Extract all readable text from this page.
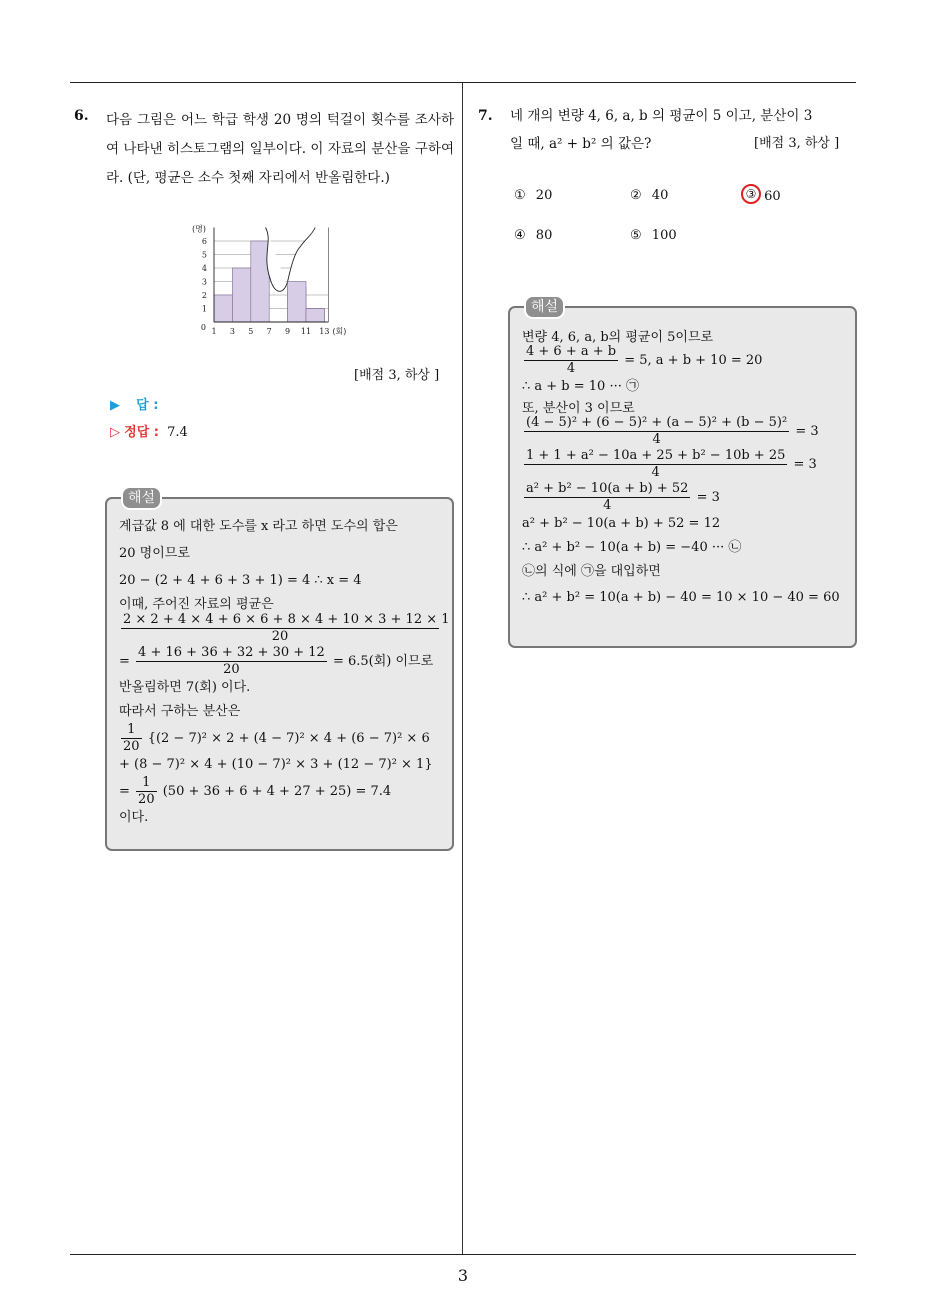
6. 다음 그림은 어느 학급 학생 20 명의 턱걸이 횟수를 조사하여 나타낸 히스토그램의 일부이다. 이 자료의 분산을 구하여라. (단, 평균은 소수 첫째 자리에서 반올림한다.)
1
2
3
4
5
6
1 3 5 7 9 11 13
0
(명)
(회)
[배점 3, 하상 ]
▶ 답 :
▷ 정답 : 7.4
해설
계급값 8 에 대한 도수를 x 라고 하면 도수의 합은
20 명이므로
20 − (2 + 4 + 6 + 3 + 1) = 4 ∴ x = 4
이때, 주어진 자료의 평균은
$\frac{2 \times 2 + 4 \times 4 + 6 \times 6 + 8 \times 4 + 10 \times 3 + 12 \times 1}{20}$
= $\frac{4 + 16 + 36 + 32 + 30 + 12}{20} = 6.5$(회) 이므로
반올림하면 7(회) 이다.
따라서 구하는 분산은
$\frac{1}{20} \{(2 - 7)^2 \times 2 + (4 - 7)^2 \times 4 + (6 - 7)^2 \times 6$
+ (8 − 7)² × 4 + (10 − 7)² × 3 + (12 − 7)² × 1}
= $\frac{1}{20} (50 + 36 + 6 + 4 + 27 + 25) = 7.4$
이다.
7. 네 개의 변량 4, 6, a, b 의 평균이 5 이고, 분산이 3
일 때, a² + b² 의 값은?	[배점 3, 하상 ]
① 20	② 40	③ 60
④ 80	⑤ 100
해설
변량 4, 6, a, b의 평균이 5이므로
$\frac{4 + 6 + a + b}{4} = 5$, a + b + 10 = 20
∴ a + b = 10 ··· ㉠
또, 분산이 3 이므로
$\frac{\text{(4 − 5)² + (6 − 5)² + (a − 5)² + (b − 5)²}}{4} = 3$
$\frac{\text{1 + 1 + a² − 10a + 25 + b² − 10b + 25}}{4} = 3$
$\frac{\text{a² + b² − 10(a + b) + 52}}{4} = 3$
a² + b² − 10(a + b) + 52 = 12
∴ a² + b² − 10(a + b) = −40 ··· ㉡
㉡의 식에 ㉠을 대입하면
∴ a² + b² = 10(a + b) − 40 = 10 × 10 − 40 = 60
3
